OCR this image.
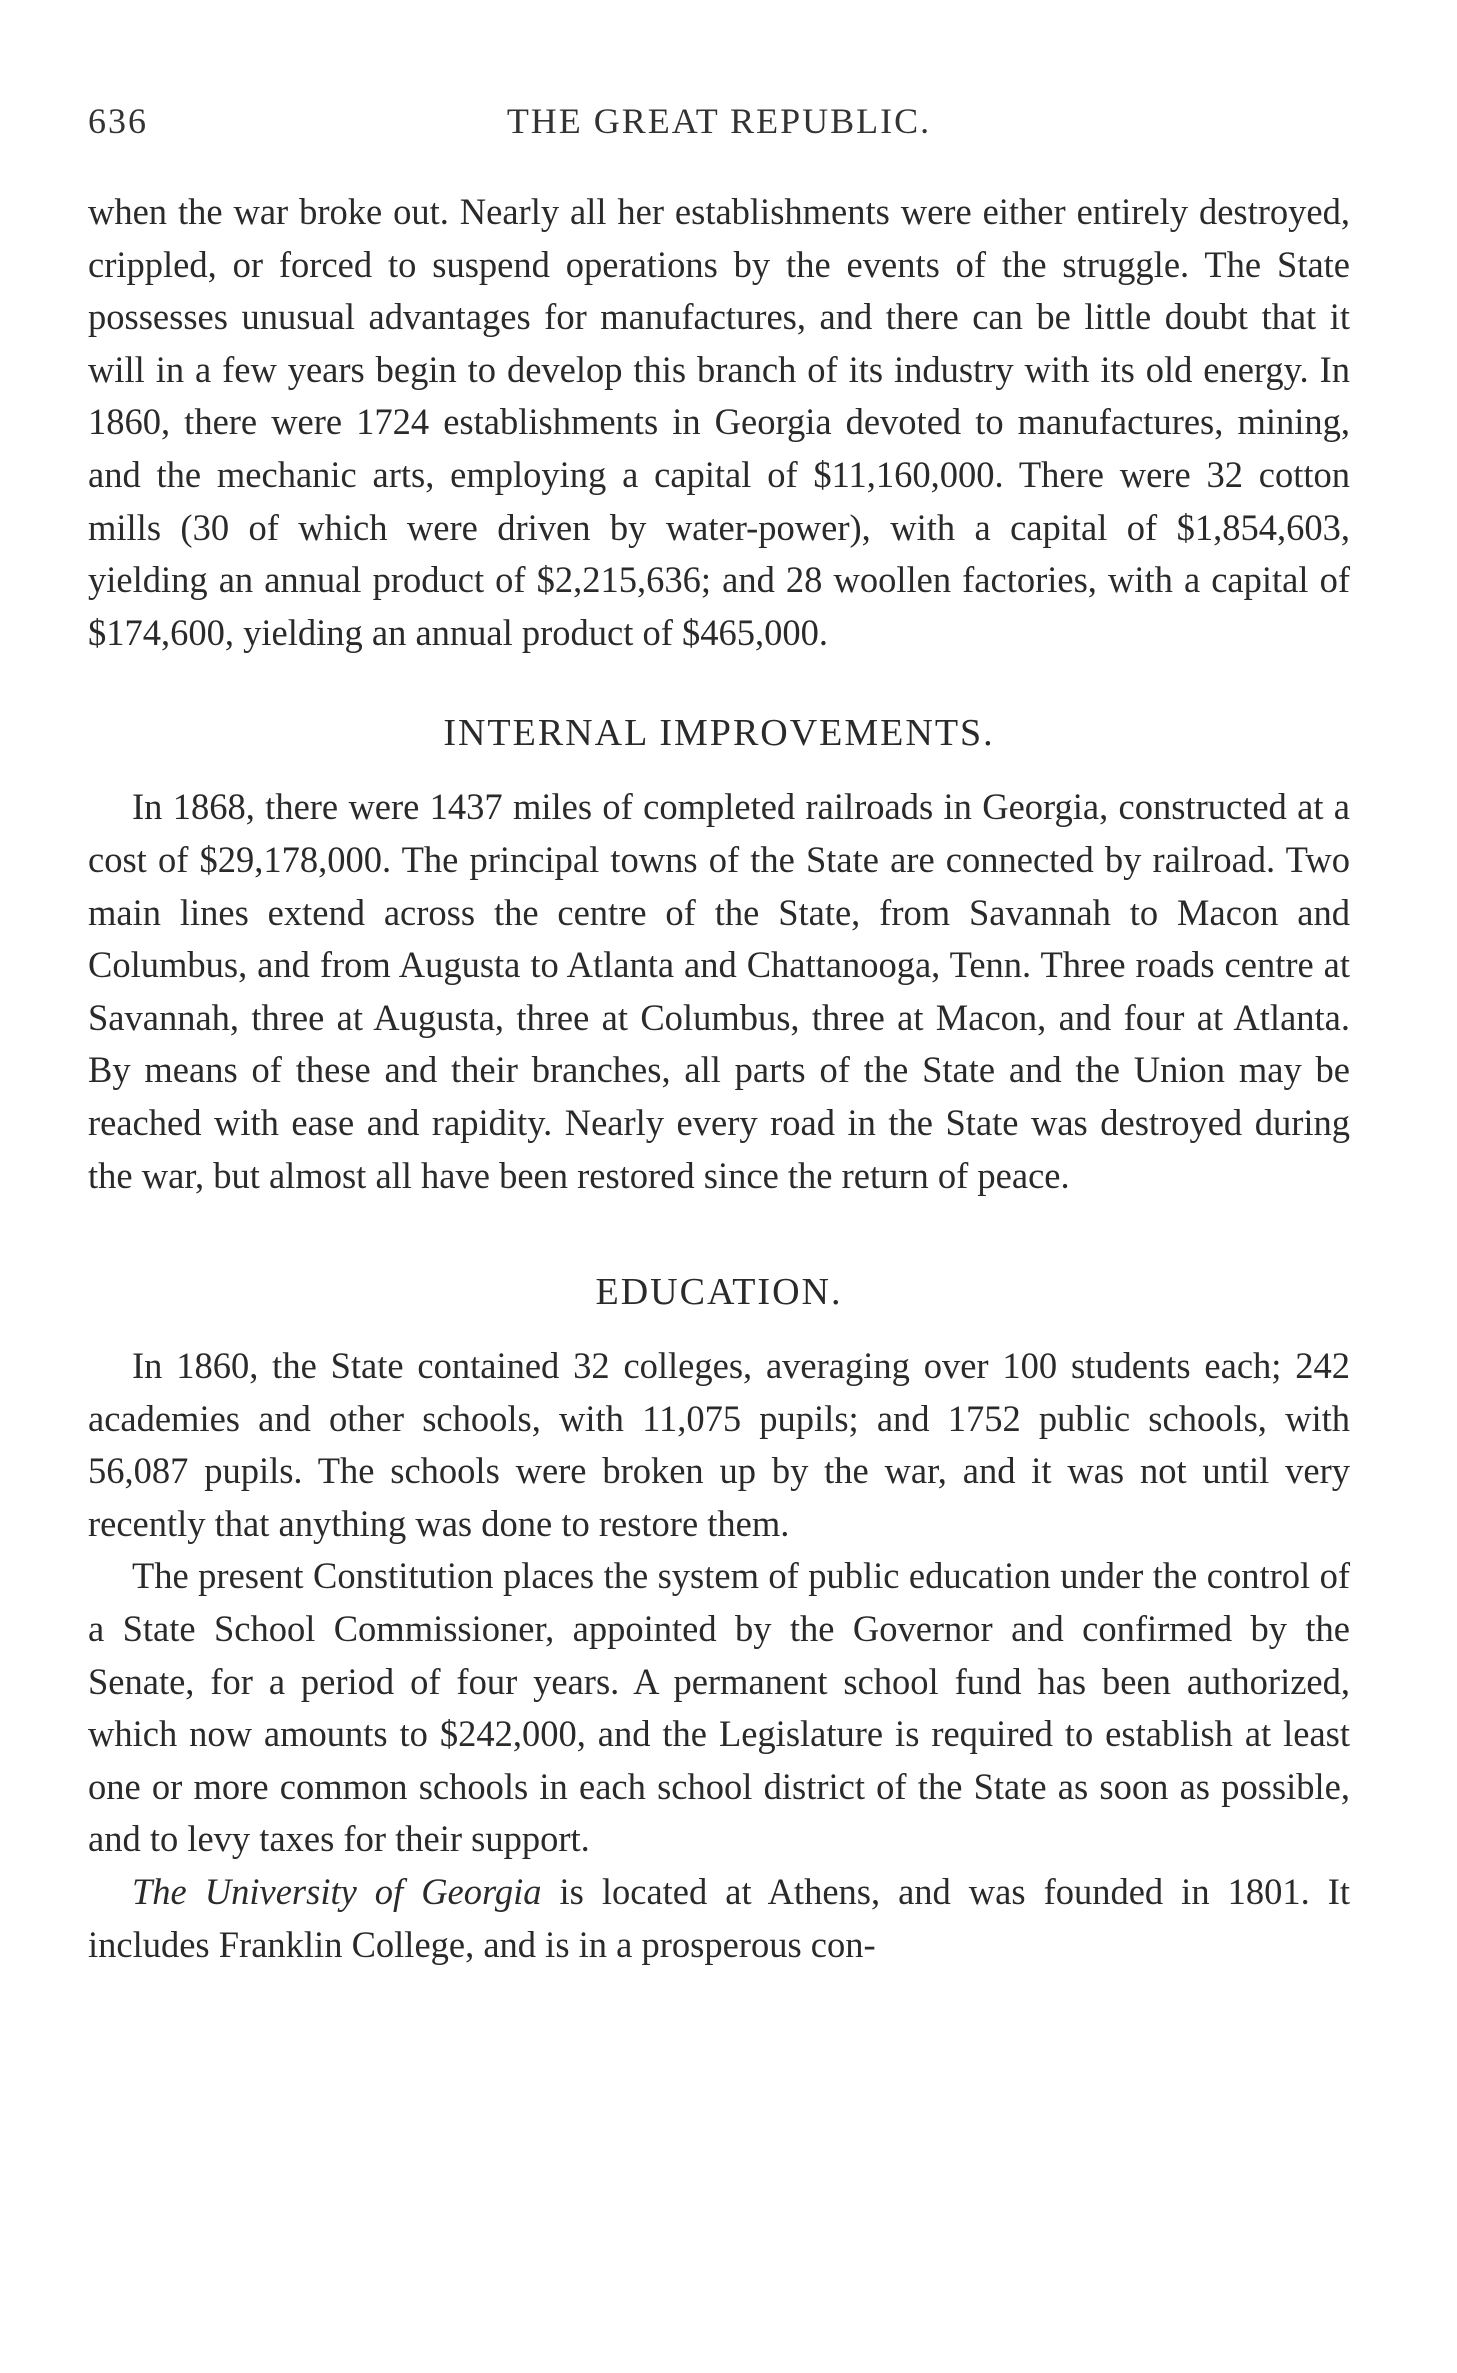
636	THE GREAT REPUBLIC.

when the war broke out. Nearly all her establishments were either entirely destroyed, crippled, or forced to suspend operations by the events of the struggle. The State possesses unusual advantages for manufactures, and there can be little doubt that it will in a few years begin to develop this branch of its industry with its old energy. In 1860, there were 1724 establishments in Georgia devoted to manufactures, mining, and the mechanic arts, employing a capital of $11,160,000. There were 32 cotton mills (30 of which were driven by water-power), with a capital of $1,854,603, yielding an annual product of $2,215,636; and 28 woollen factories, with a capital of $174,600, yielding an annual product of $465,000.

INTERNAL IMPROVEMENTS.

In 1868, there were 1437 miles of completed railroads in Georgia, constructed at a cost of $29,178,000. The principal towns of the State are connected by railroad. Two main lines extend across the centre of the State, from Savannah to Macon and Columbus, and from Augusta to Atlanta and Chattanooga, Tenn. Three roads centre at Savannah, three at Augusta, three at Columbus, three at Macon, and four at Atlanta. By means of these and their branches, all parts of the State and the Union may be reached with ease and rapidity. Nearly every road in the State was destroyed during the war, but almost all have been restored since the return of peace.

EDUCATION.

In 1860, the State contained 32 colleges, averaging over 100 students each; 242 academies and other schools, with 11,075 pupils; and 1752 public schools, with 56,087 pupils. The schools were broken up by the war, and it was not until very recently that anything was done to restore them.

The present Constitution places the system of public education under the control of a State School Commissioner, appointed by the Governor and confirmed by the Senate, for a period of four years. A permanent school fund has been authorized, which now amounts to $242,000, and the Legislature is required to establish at least one or more common schools in each school district of the State as soon as possible, and to levy taxes for their support.

The University of Georgia is located at Athens, and was founded in 1801. It includes Franklin College, and is in a prosperous con-
